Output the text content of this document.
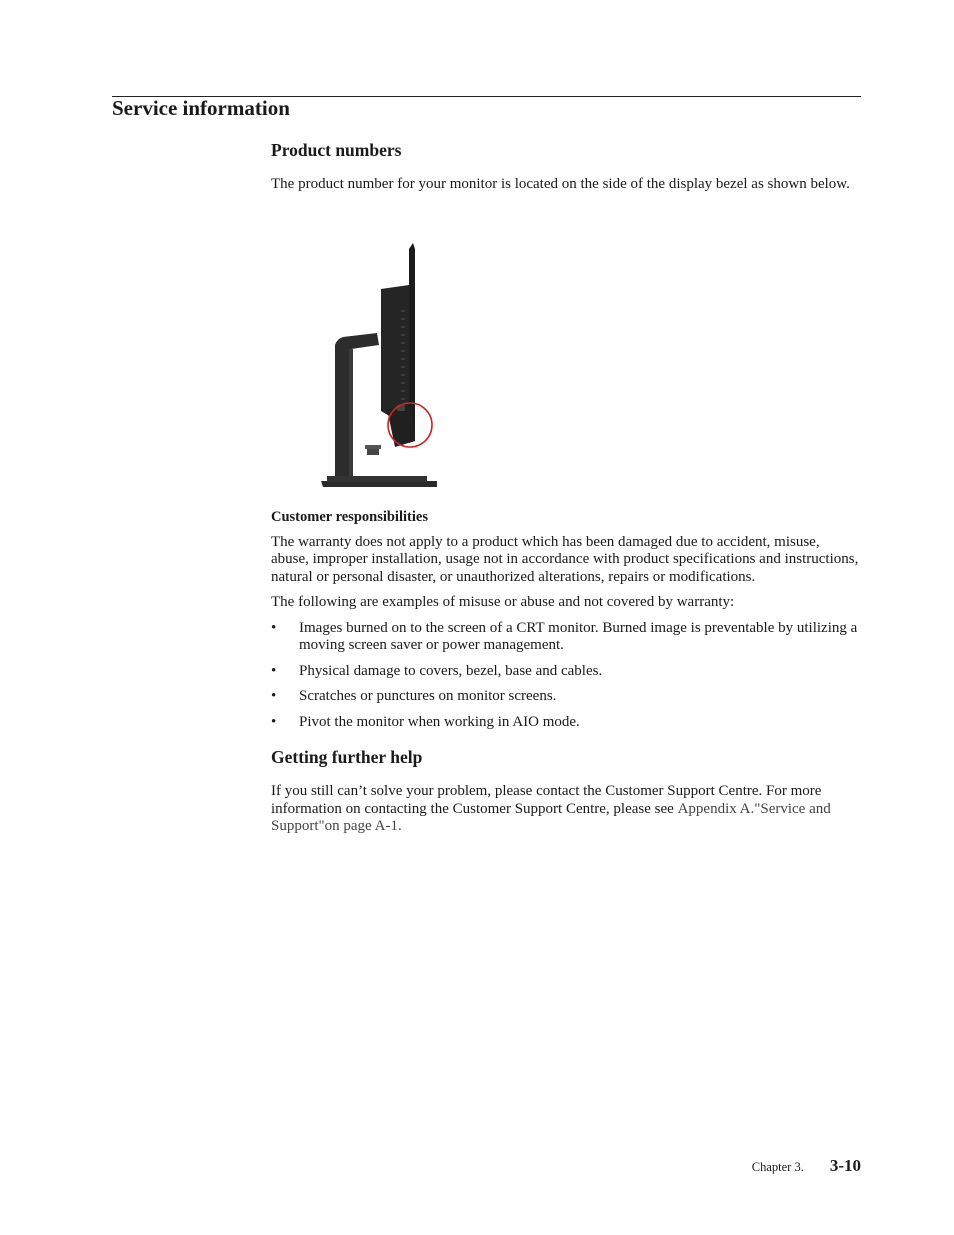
Service information
Product numbers

The product number for your monitor is located on the side of the display bezel as shown below.

Customer responsibilities

The warranty does not apply to a product which has been damaged due to accident, misuse, abuse, improper installation, usage not in accordance with product specifications and instructions, natural or personal disaster, or unauthorized alterations, repairs or modifications.

The following are examples of misuse or abuse and not covered by warranty:

• Images burned on to the screen of a CRT monitor. Burned image is preventable by utilizing a moving screen saver or power management.
• Physical damage to covers, bezel, base and cables.
• Scratches or punctures on monitor screens.
• Pivot the monitor when working in AIO mode.
Getting further help

If you still can’t solve your problem, please contact the Customer Support Centre. For more information on contacting the Customer Support Centre, please see Appendix A."Service and Support"on page A-1.

Chapter 3. 3-10
